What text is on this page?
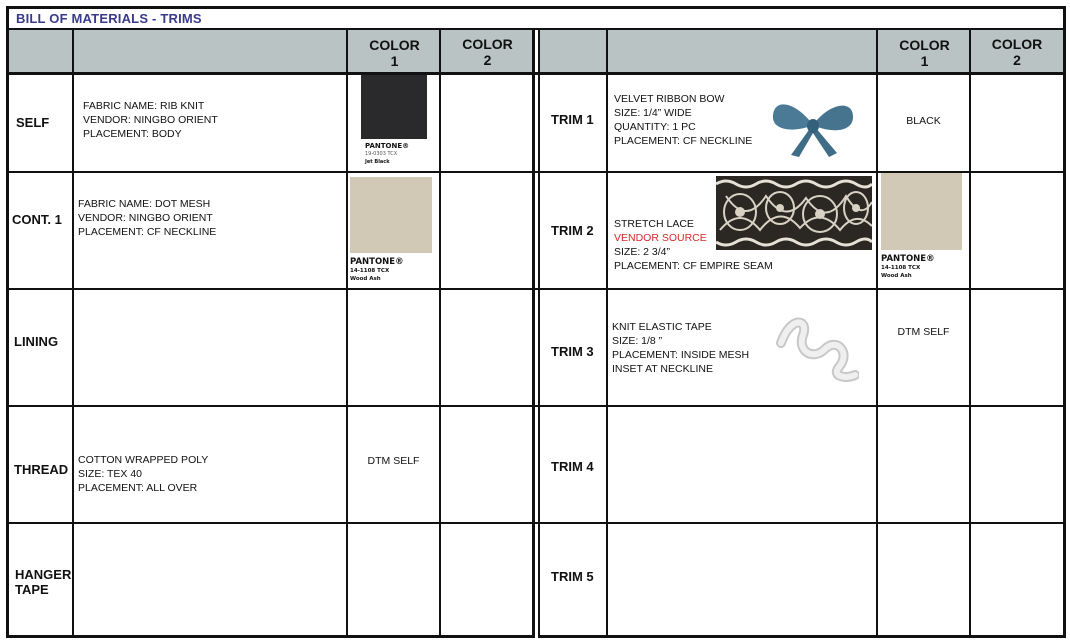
BILL OF MATERIALS - TRIMS
COLOR
1
COLOR
2
COLOR
1
COLOR
2
SELF
FABRIC NAME: RIB KNIT
VENDOR: NINGBO ORIENT
PLACEMENT: BODY
PANTONE®
19-0303 TCX
Jet Black
CONT. 1
FABRIC NAME: DOT MESH
VENDOR: NINGBO ORIENT
PLACEMENT: CF NECKLINE
PANTONE®
14-1108 TCX
Wood Ash
LINING
THREAD
COTTON WRAPPED POLY
SIZE: TEX 40
PLACEMENT: ALL OVER
DTM SELF
HANGER
TAPE
TRIM 1
VELVET RIBBON BOW
SIZE: 1/4” WIDE
QUANTITY: 1 PC
PLACEMENT: CF NECKLINE
BLACK
TRIM 2 STRETCH LACE
VENDOR SOURCE
SIZE: 2 3/4”
PLACEMENT: CF EMPIRE SEAM
PANTONE®
14-1108 TCX
Wood Ash
TRIM 3
KNIT ELASTIC TAPE
SIZE: 1/8 ”
PLACEMENT: INSIDE MESH
INSET AT NECKLINE
DTM SELF
TRIM 4
TRIM 5
